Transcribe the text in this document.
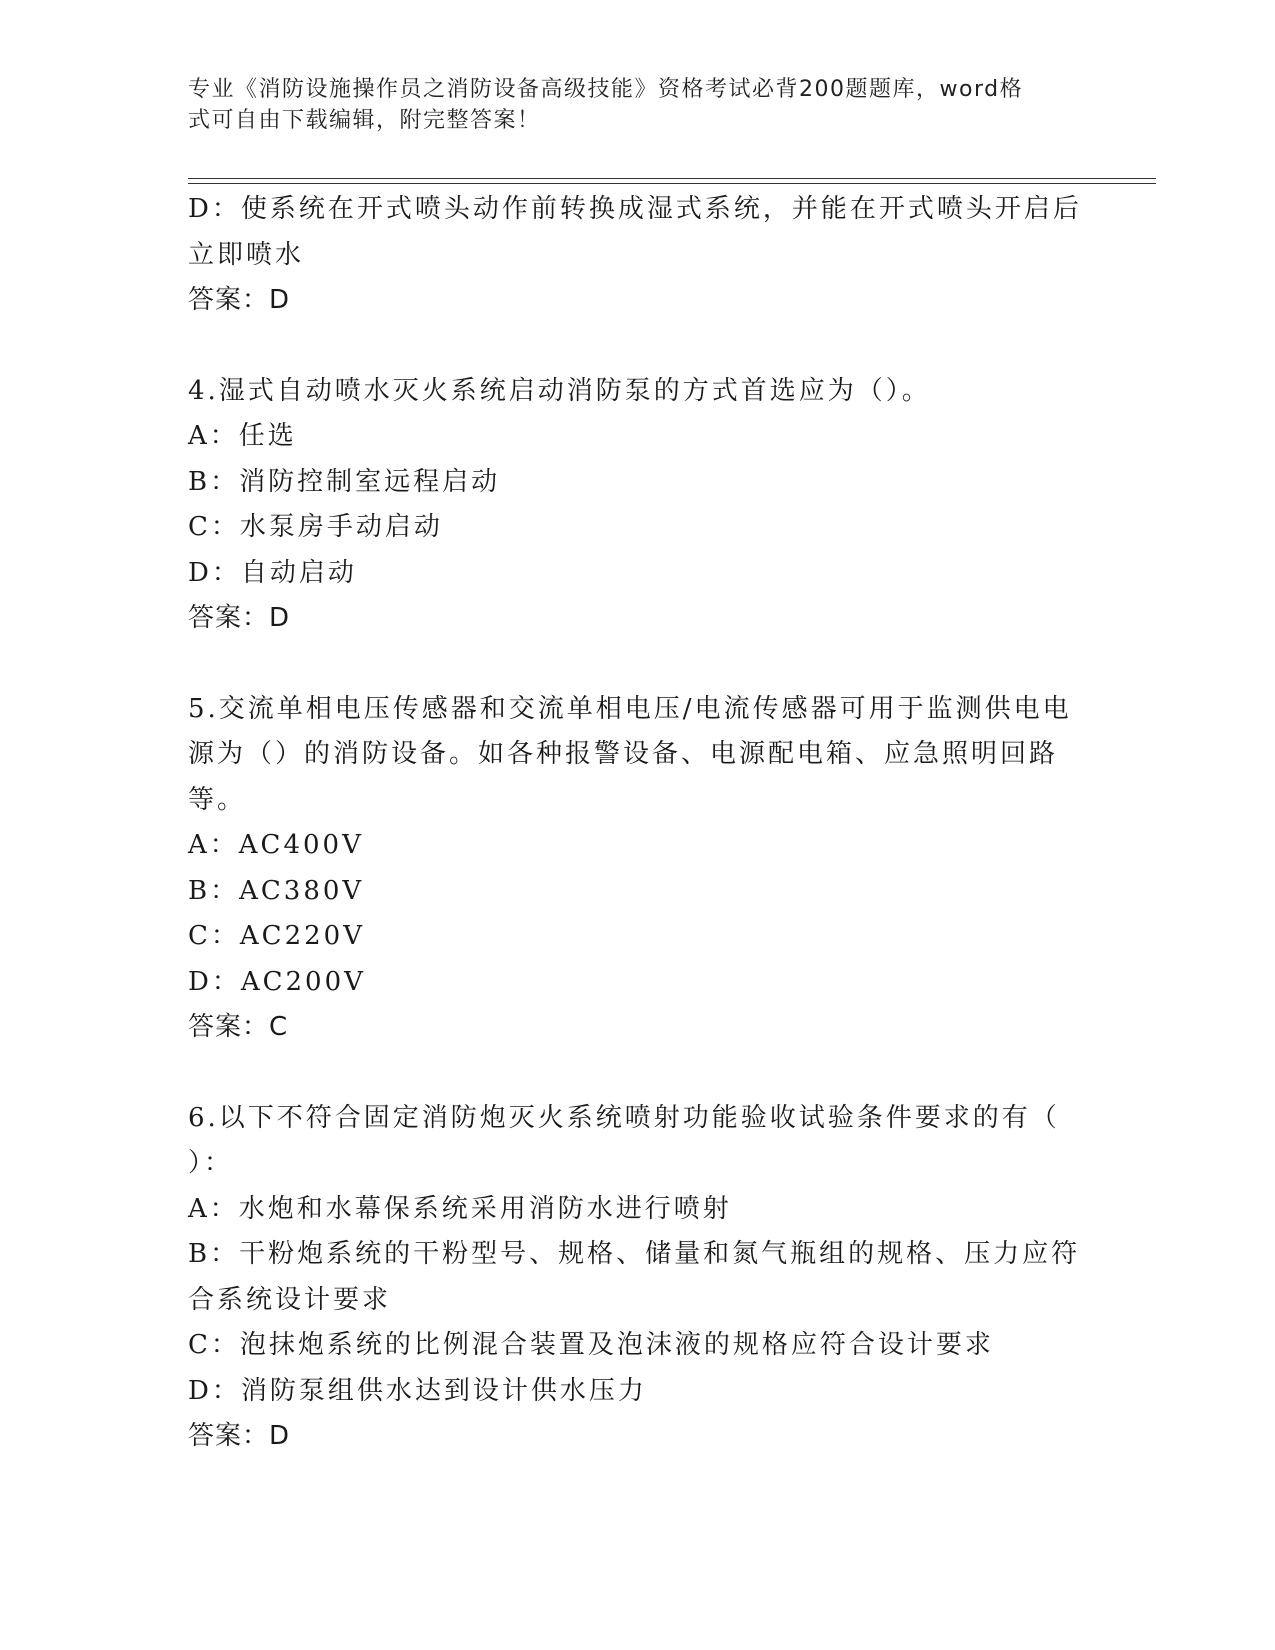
专业《消防设施操作员之消防设备高级技能》资格考试必背200题题库，word格
式可自由下载编辑，附完整答案！
D：使系统在开式喷头动作前转换成湿式系统，并能在开式喷头开启后
立即喷水
答案：D
4.湿式自动喷水灭火系统启动消防泵的方式首选应为（）。
A：任选
B：消防控制室远程启动
C：水泵房手动启动
D：自动启动
答案：D
5.交流单相电压传感器和交流单相电压/电流传感器可用于监测供电电
源为（）的消防设备。如各种报警设备、电源配电箱、应急照明回路
等。
A：AC400V
B：AC380V
C：AC220V
D：AC200V
答案：C
6.以下不符合固定消防炮灭火系统喷射功能验收试验条件要求的有（
）：
A：水炮和水幕保系统采用消防水进行喷射
B：干粉炮系统的干粉型号、规格、储量和氮气瓶组的规格、压力应符
合系统设计要求
C：泡抹炮系统的比例混合装置及泡沫液的规格应符合设计要求
D：消防泵组供水达到设计供水压力
答案：D
